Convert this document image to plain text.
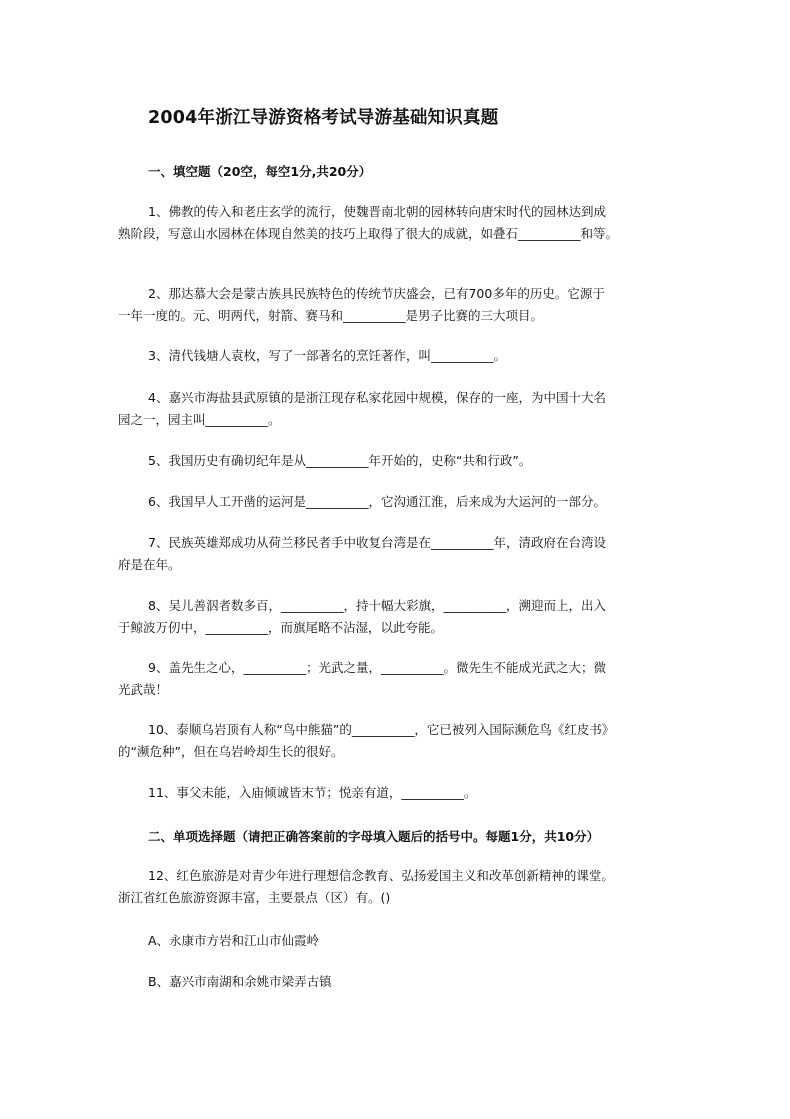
2004年浙江导游资格考试导游基础知识真题
一、填空题（20空，每空1分,共20分）
1、佛教的传入和老庄玄学的流行，使魏晋南北朝的园林转向唐宋时代的园林达到成
熟阶段，写意山水园林在体现自然美的技巧上取得了很大的成就，如叠石__________和等。
2、那达慕大会是蒙古族具民族特色的传统节庆盛会，已有700多年的历史。它源于
一年一度的。元、明两代，射箭、赛马和__________是男子比赛的三大项目。
3、清代钱塘人袁枚，写了一部著名的烹饪著作，叫__________。
4、嘉兴市海盐县武原镇的是浙江现存私家花园中规模，保存的一座，为中国十大名
园之一，园主叫__________。
5、我国历史有确切纪年是从__________年开始的，史称“共和行政”。
6、我国早人工开凿的运河是__________，它沟通江淮，后来成为大运河的一部分。
7、民族英雄郑成功从荷兰移民者手中收复台湾是在__________年，清政府在台湾设
府是在年。
8、吴儿善泅者数多百，__________，持十幅大彩旗，__________，溯迎而上，出入
于鲸波万仞中，__________，而旗尾略不沾湿，以此夸能。
9、盖先生之心，__________；光武之量，__________。微先生不能成光武之大；微
光武哉！
10、泰顺乌岩顶有人称“鸟中熊猫”的__________，它已被列入国际濒危鸟《红皮书》
的“濒危种”，但在乌岩岭却生长的很好。
11、事父未能，入庙倾诚皆末节；悦亲有道，__________。
二、单项选择题（请把正确答案前的字母填入题后的括号中。每题1分，共10分）
12、红色旅游是对青少年进行理想信念教育、弘扬爱国主义和改革创新精神的课堂。
浙江省红色旅游资源丰富，主要景点（区）有。()
A、永康市方岩和江山市仙霞岭
B、嘉兴市南湖和余姚市梁弄古镇
